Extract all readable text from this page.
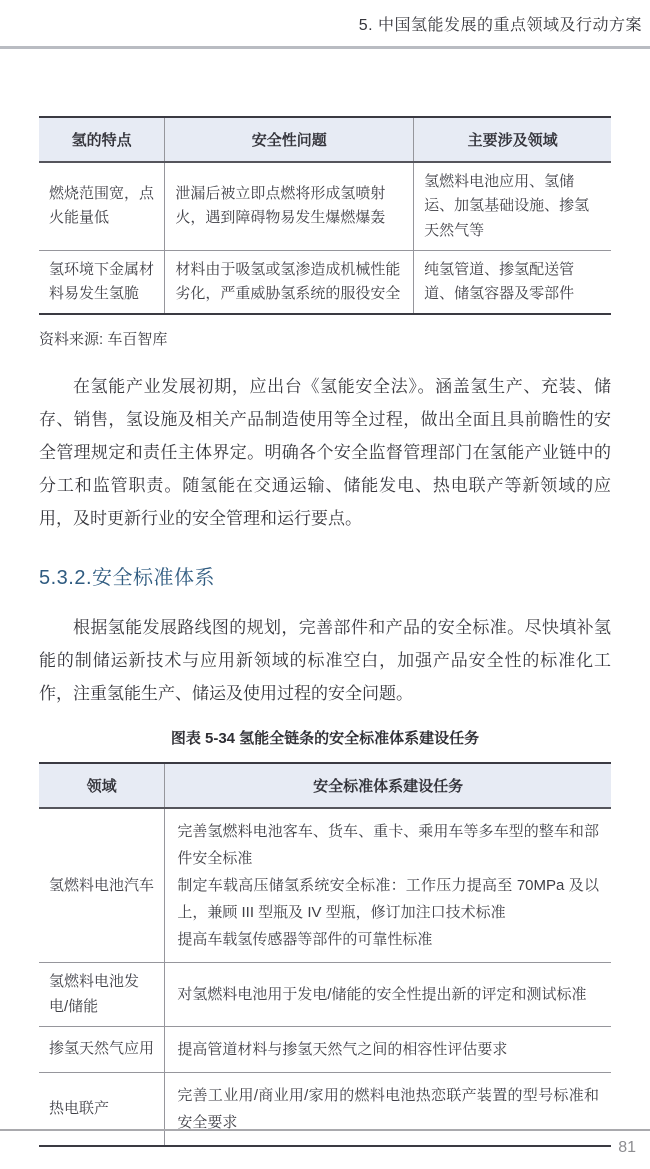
5. 中国氢能发展的重点领域及行动方案
氢的特点	安全性问题	主要涉及领域
燃烧范围宽，点火能量低	泄漏后被立即点燃将形成氢喷射火，遇到障碍物易发生爆燃爆轰	氢燃料电池应用、氢储运、加氢基础设施、掺氢天然气等
氢环境下金属材料易发生氢脆	材料由于吸氢或氢渗造成机械性能劣化，严重威胁氢系统的服役安全	纯氢管道、掺氢配送管道、储氢容器及零部件
资料来源: 车百智库

在氢能产业发展初期，应出台《氢能安全法》。涵盖氢生产、充装、储存、销售，氢设施及相关产品制造使用等全过程，做出全面且具前瞻性的安全管理规定和责任主体界定。明确各个安全监督管理部门在氢能产业链中的分工和监管职责。随氢能在交通运输、储能发电、热电联产等新领域的应用，及时更新行业的安全管理和运行要点。

5.3.2.安全标准体系

根据氢能发展路线图的规划，完善部件和产品的安全标准。尽快填补氢能的制储运新技术与应用新领域的标准空白，加强产品安全性的标准化工作，注重氢能生产、储运及使用过程的安全问题。

图表 5-34 氢能全链条的安全标准体系建设任务
领域	安全标准体系建设任务
氢燃料电池汽车	完善氢燃料电池客车、货车、重卡、乘用车等多车型的整车和部件安全标准
制定车载高压储氢系统安全标准：工作压力提高至 70MPa 及以上，兼顾 III 型瓶及 IV 型瓶，修订加注口技术标准
提高车载氢传感器等部件的可靠性标准

氢燃料电池发电/储能	对氢燃料电池用于发电/储能的安全性提出新的评定和测试标准

掺氢天然气应用	提高管道材料与掺氢天然气之间的相容性评估要求

热电联产	完善工业用/商业用/家用的燃料电池热恋联产装置的型号标准和安全要求
81
